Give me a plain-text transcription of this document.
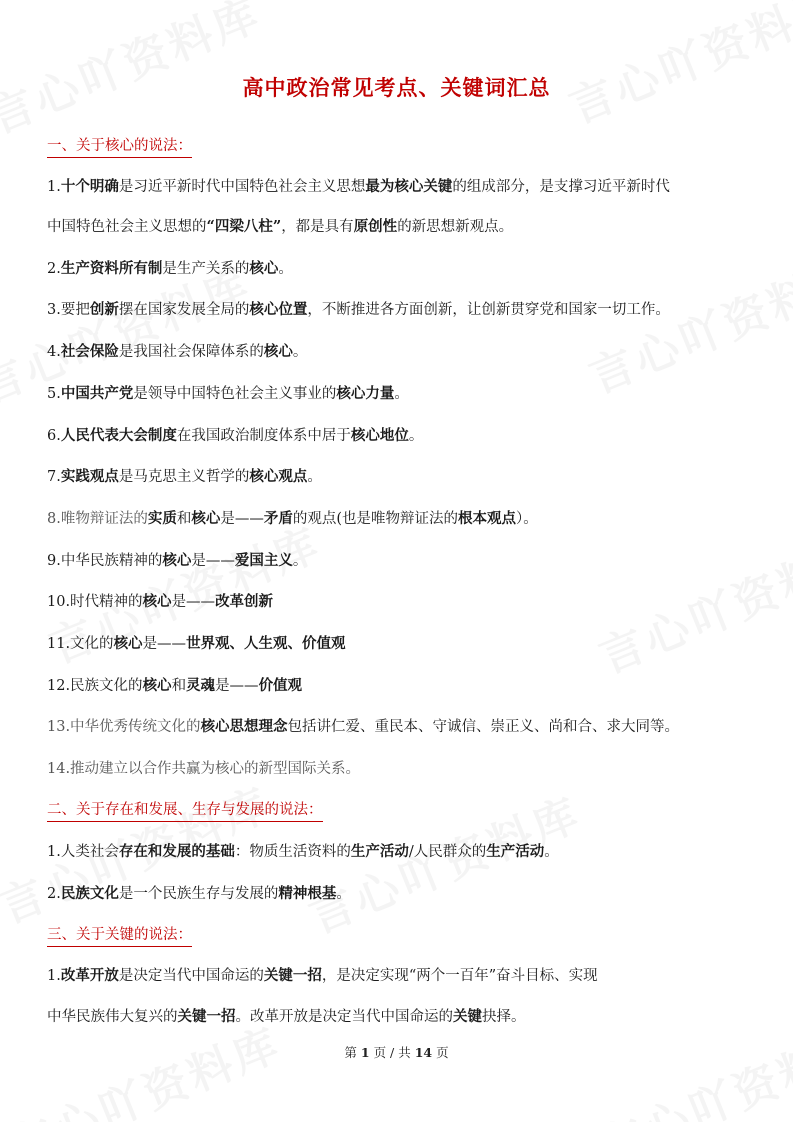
高中政治常见考点、关键词汇总
一、关于核心的说法：
1.十个明确是习近平新时代中国特色社会主义思想最为核心关键的组成部分，是支撑习近平新时代
中国特色社会主义思想的“四梁八柱”，都是具有原创性的新思想新观点。
2.生产资料所有制是生产关系的核心。
3.要把创新摆在国家发展全局的核心位置，不断推进各方面创新，让创新贯穿党和国家一切工作。
4.社会保险是我国社会保障体系的核心。
5.中国共产党是领导中国特色社会主义事业的核心力量。
6.人民代表大会制度在我国政治制度体系中居于核心地位。
7.实践观点是马克思主义哲学的核心观点。
8.唯物辩证法的实质和核心是——矛盾的观点(也是唯物辩证法的根本观点）。
9.中华民族精神的核心是——爱国主义。
10.时代精神的核心是——改革创新
11.文化的核心是——世界观、人生观、价值观
12.民族文化的核心和灵魂是——价值观
13.中华优秀传统文化的核心思想理念包括讲仁爱、重民本、守诚信、崇正义、尚和合、求大同等。
14.推动建立以合作共赢为核心的新型国际关系。
二、关于存在和发展、生存与发展的说法：
1.人类社会存在和发展的基础：物质生活资料的生产活动/人民群众的生产活动。
2.民族文化是一个民族生存与发展的精神根基。
三、关于关键的说法：
1.改革开放是决定当代中国命运的关键一招，是决定实现“两个一百年”奋斗目标、实现
中华民族伟大复兴的关键一招。改革开放是决定当代中国命运的关键抉择。
第 1 页 / 共 14 页
